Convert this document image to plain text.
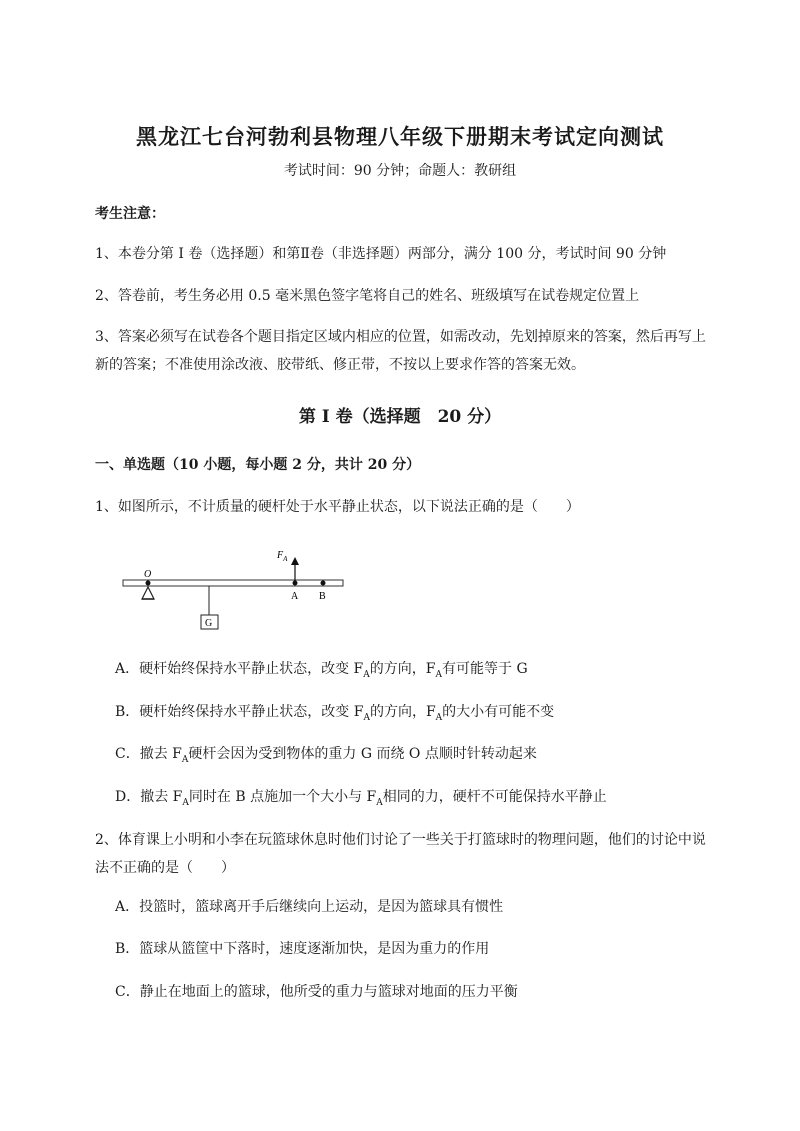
黑龙江七台河勃利县物理八年级下册期末考试定向测试
考试时间：90 分钟；命题人：教研组
考生注意：
1、本卷分第 I 卷（选择题）和第Ⅱ卷（非选择题）两部分，满分 100 分，考试时间 90 分钟
2、答卷前，考生务必用 0.5 毫米黑色签字笔将自己的姓名、班级填写在试卷规定位置上
3、答案必须写在试卷各个题目指定区域内相应的位置，如需改动，先划掉原来的答案，然后再写上新的答案；不准使用涂改液、胶带纸、修正带，不按以上要求作答的答案无效。
第 I 卷（选择题　20 分）
一、单选题（10 小题，每小题 2 分，共计 20 分）
1、如图所示，不计质量的硬杆处于水平静止状态，以下说法正确的是（　　）
O
$F_A$
A B
G
A．硬杆始终保持水平静止状态，改变 $F_A$的方向，$F_A$有可能等于 G
B．硬杆始终保持水平静止状态，改变 $F_A$的方向，$F_A$的大小有可能不变
C．撤去 $F_A$硬杆会因为受到物体的重力 G 而绕 O 点顺时针转动起来
D．撤去 $F_A$同时在 B 点施加一个大小与 $F_A$相同的力，硬杆不可能保持水平静止
2、体育课上小明和小李在玩篮球休息时他们讨论了一些关于打篮球时的物理问题，他们的讨论中说法不正确的是（　　）
A．投篮时，篮球离开手后继续向上运动，是因为篮球具有惯性
B．篮球从篮筐中下落时，速度逐渐加快，是因为重力的作用
C．静止在地面上的篮球，他所受的重力与篮球对地面的压力平衡
